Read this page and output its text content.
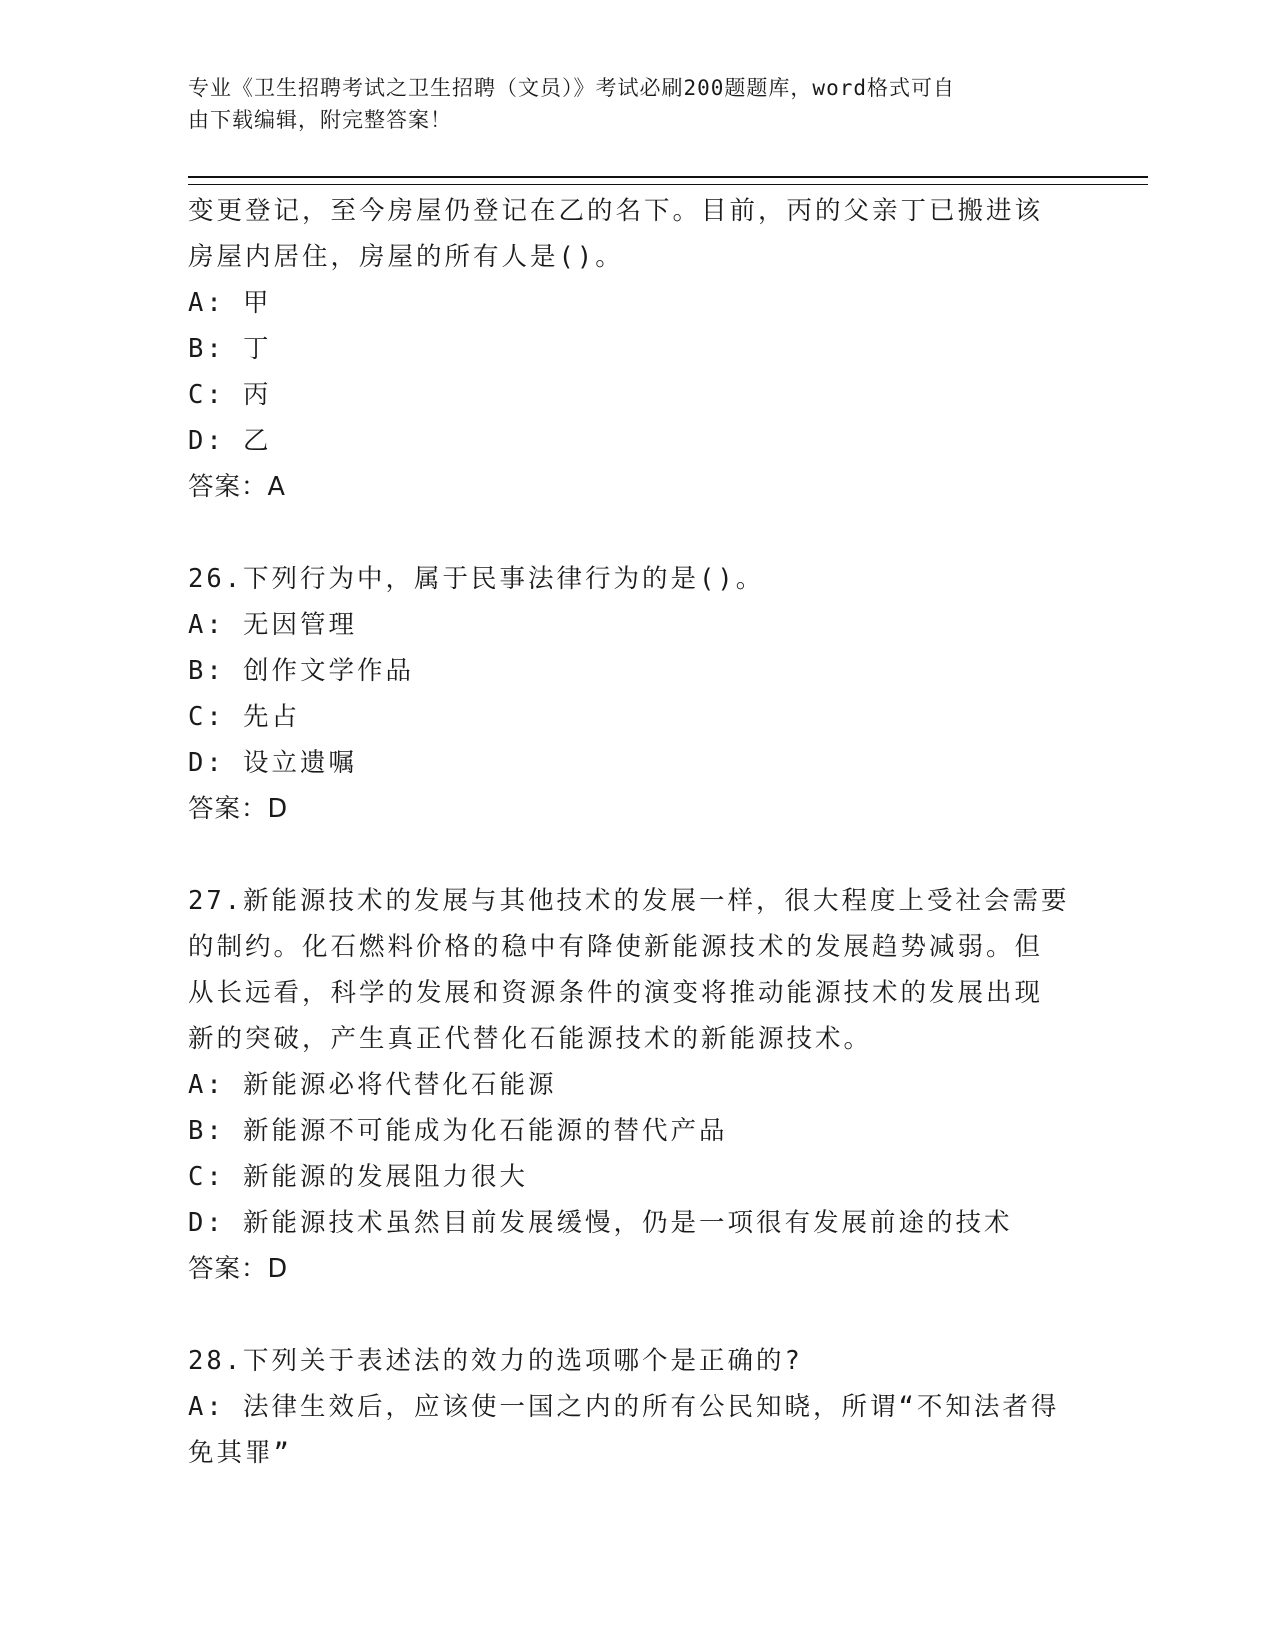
专业《卫生招聘考试之卫生招聘（文员）》考试必刷200题题库，word格式可自
由下载编辑，附完整答案！
变更登记，至今房屋仍登记在乙的名下。目前，丙的父亲丁已搬进该
房屋内居住，房屋的所有人是()。
A: 甲
B: 丁
C: 丙
D: 乙
答案：A
26.下列行为中，属于民事法律行为的是()。
A: 无因管理
B: 创作文学作品
C: 先占
D: 设立遗嘱
答案：D
27.新能源技术的发展与其他技术的发展一样，很大程度上受社会需要
的制约。化石燃料价格的稳中有降使新能源技术的发展趋势减弱。但
从长远看，科学的发展和资源条件的演变将推动能源技术的发展出现
新的突破，产生真正代替化石能源技术的新能源技术。
A: 新能源必将代替化石能源
B: 新能源不可能成为化石能源的替代产品
C: 新能源的发展阻力很大
D: 新能源技术虽然目前发展缓慢，仍是一项很有发展前途的技术
答案：D
28.下列关于表述法的效力的选项哪个是正确的?
A: 法律生效后，应该使一国之内的所有公民知晓，所谓“不知法者得
免其罪”
